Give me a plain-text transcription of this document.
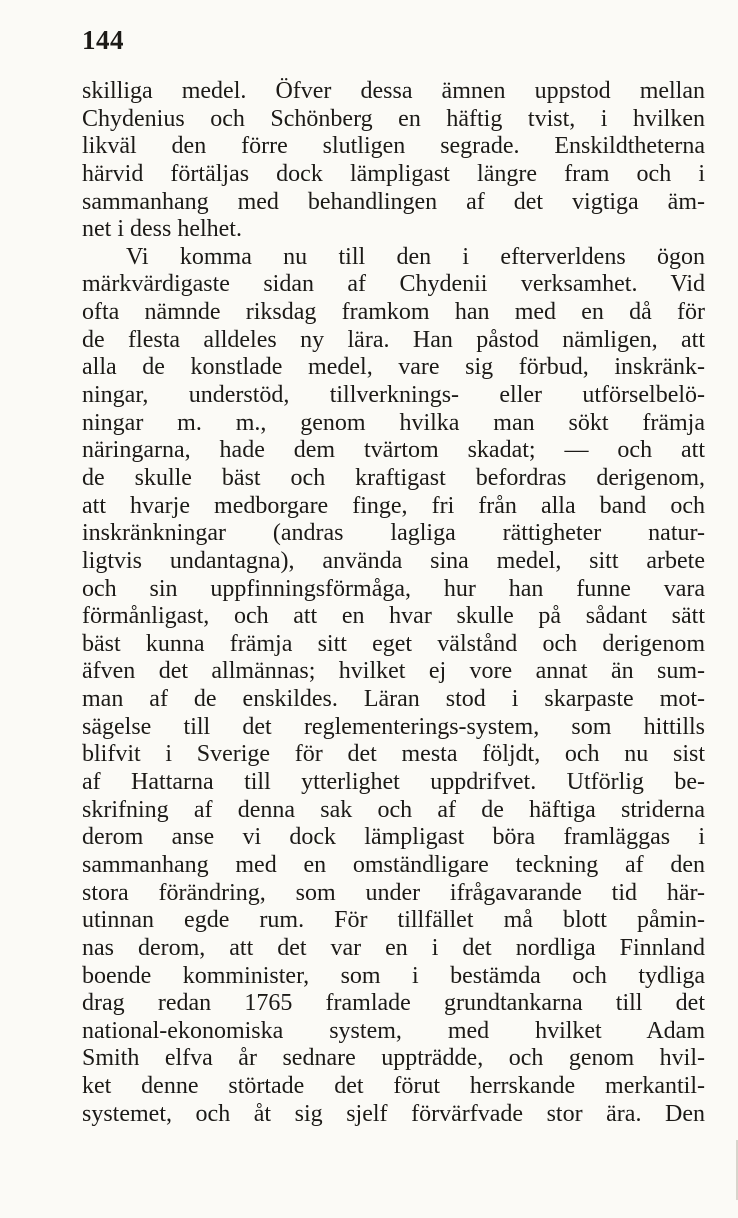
144
skilliga medel. Öfver dessa ämnen uppstod mellan
Chydenius och Schönberg en häftig tvist, i hvilken
likväl den förre slutligen segrade. Enskildtheterna
härvid förtäljas dock lämpligast längre fram och i
sammanhang med behandlingen af det vigtiga äm-
net i dess helhet.
Vi komma nu till den i efterverldens ögon
märkvärdigaste sidan af Chydenii verksamhet. Vid
ofta nämnde riksdag framkom han med en då för
de flesta alldeles ny lära. Han påstod nämligen, att
alla de konstlade medel, vare sig förbud, inskränk-
ningar, understöd, tillverknings- eller utförselbelö-
ningar m. m., genom hvilka man sökt främja
näringarna, hade dem tvärtom skadat; — och att
de skulle bäst och kraftigast befordras derigenom,
att hvarje medborgare finge, fri från alla band och
inskränkningar (andras lagliga rättigheter natur-
ligtvis undantagna), använda sina medel, sitt arbete
och sin uppfinningsförmåga, hur han funne vara
förmånligast, och att en hvar skulle på sådant sätt
bäst kunna främja sitt eget välstånd och derigenom
äfven det allmännas; hvilket ej vore annat än sum-
man af de enskildes. Läran stod i skarpaste mot-
sägelse till det reglementerings-system, som hittills
blifvit i Sverige för det mesta följdt, och nu sist
af Hattarna till ytterlighet uppdrifvet. Utförlig be-
skrifning af denna sak och af de häftiga striderna
derom anse vi dock lämpligast böra framläggas i
sammanhang med en omständligare teckning af den
stora förändring, som under ifrågavarande tid här-
utinnan egde rum. För tillfället må blott påmin-
nas derom, att det var en i det nordliga Finnland
boende komminister, som i bestämda och tydliga
drag redan 1765 framlade grundtankarna till det
national-ekonomiska system, med hvilket Adam
Smith elfva år sednare uppträdde, och genom hvil-
ket denne störtade det förut herrskande merkantil-
systemet, och åt sig sjelf förvärfvade stor ära. Den
